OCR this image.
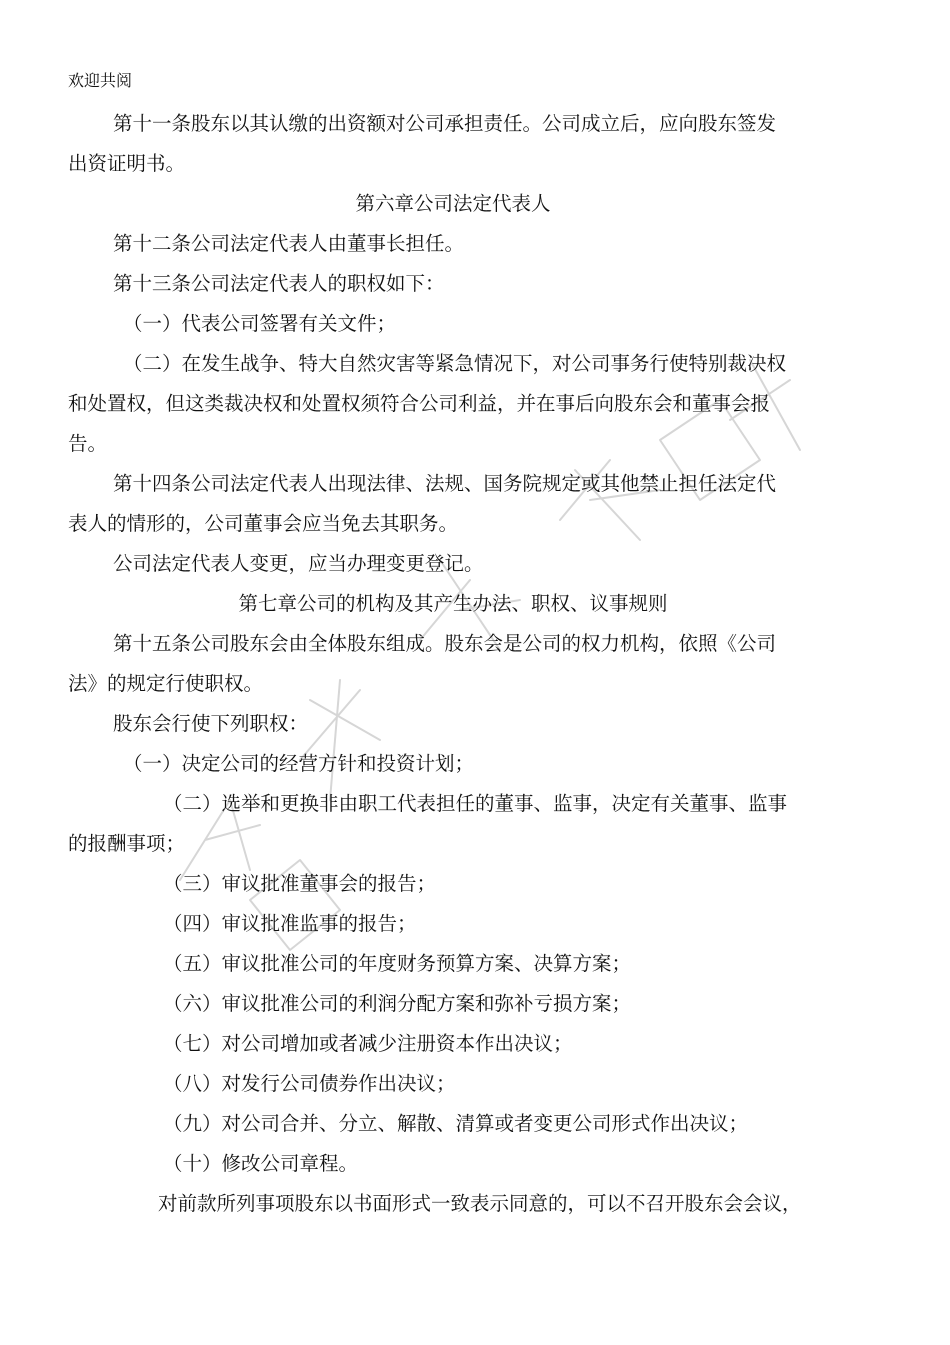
欢迎共阅
第十一条股东以其认缴的出资额对公司承担责任。公司成立后，应向股东签发
出资证明书。
第六章公司法定代表人
第十二条公司法定代表人由董事长担任。
第十三条公司法定代表人的职权如下：
（一）代表公司签署有关文件；
（二）在发生战争、特大自然灾害等紧急情况下，对公司事务行使特别裁决权
和处置权，但这类裁决权和处置权须符合公司利益，并在事后向股东会和董事会报
告。
第十四条公司法定代表人出现法律、法规、国务院规定或其他禁止担任法定代
表人的情形的，公司董事会应当免去其职务。
公司法定代表人变更，应当办理变更登记。
第七章公司的机构及其产生办法、职权、议事规则
第十五条公司股东会由全体股东组成。股东会是公司的权力机构，依照《公司
法》的规定行使职权。
股东会行使下列职权：
（一）决定公司的经营方针和投资计划；
（二）选举和更换非由职工代表担任的董事、监事，决定有关董事、监事
的报酬事项；
（三）审议批准董事会的报告；
（四）审议批准监事的报告；
（五）审议批准公司的年度财务预算方案、决算方案；
（六）审议批准公司的利润分配方案和弥补亏损方案；
（七）对公司增加或者减少注册资本作出决议；
（八）对发行公司债券作出决议；
（九）对公司合并、分立、解散、清算或者变更公司形式作出决议；
（十）修改公司章程。
对前款所列事项股东以书面形式一致表示同意的，可以不召开股东会会议，
